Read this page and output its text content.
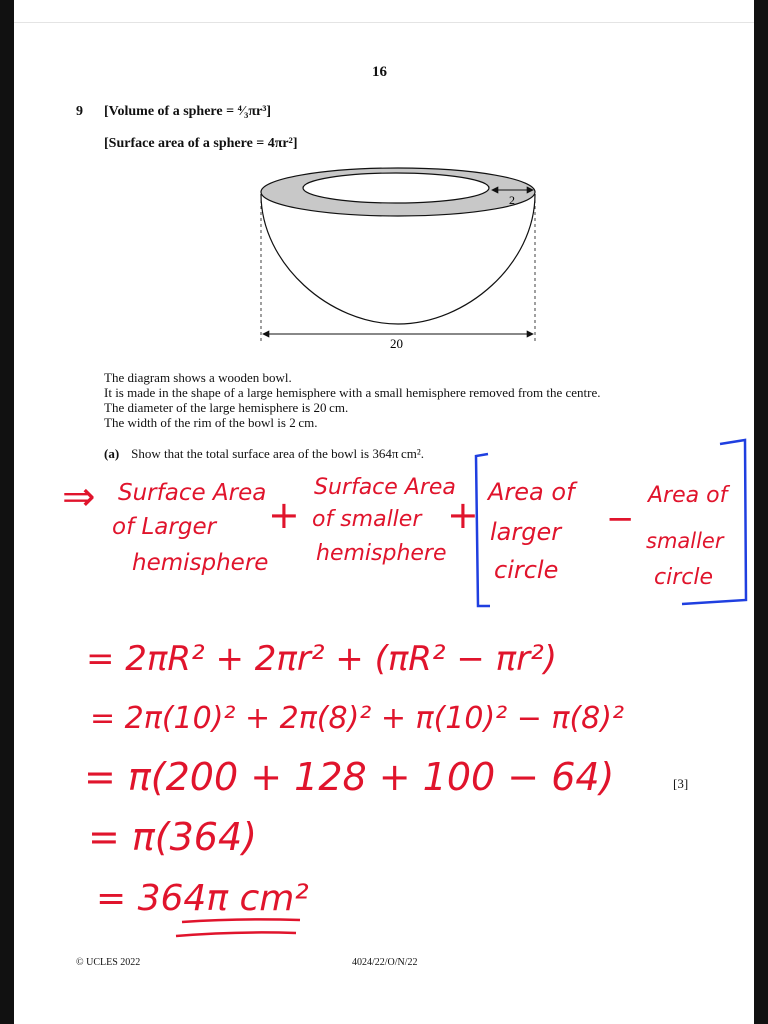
16
9 [Volume of a sphere = ⁴⁄₃πr³]
[Surface area of a sphere = 4πr²]
2
20
The diagram shows a wooden bowl.
It is made in the shape of a large hemisphere with a small hemisphere removed from the centre.
The diameter of the large hemisphere is 20 cm.
The width of the rim of the bowl is 2 cm.
(a) Show that the total surface area of the bowl is 364π cm².
[3]
⇒ Surface Area
of Larger
hemisphere
+
Surface Area
of smaller
hemisphere
+
Area of
larger
circle
−
Area of
smaller
circle
= 2πR² + 2πr² + (πR² − πr²)
= 2π(10)² + 2π(8)² + π(10)² − π(8)²
= π(200 + 128 + 100 − 64)
= π(364)
= 364π cm²
© UCLES 2022	4024/22/O/N/22
